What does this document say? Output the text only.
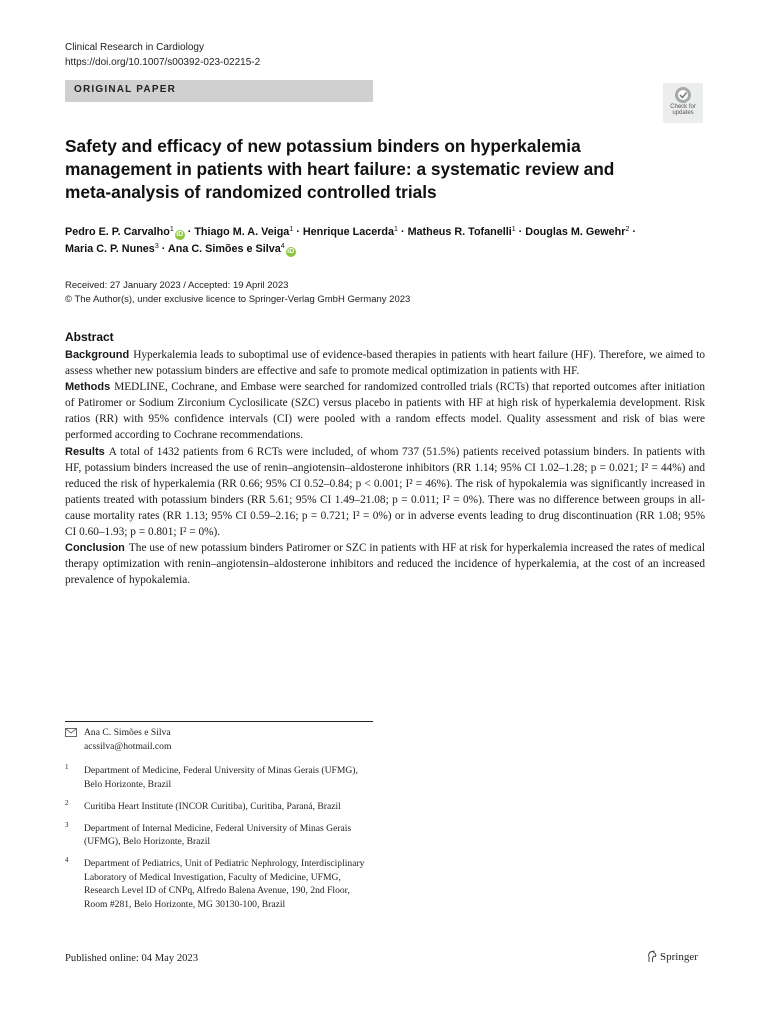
Clinical Research in Cardiology
https://doi.org/10.1007/s00392-023-02215-2
ORIGINAL PAPER
Check for
updates
Safety and efficacy of new potassium binders on hyperkalemia management in patients with heart failure: a systematic review and meta-analysis of randomized controlled trials
Pedro E. P. Carvalho$^1$iD · Thiago M. A. Veiga$^1$ · Henrique Lacerda$^1$ · Matheus R. Tofanelli$^1$ · Douglas M. Gewehr$^2$ ·
Maria C. P. Nunes$^3$ · Ana C. Simões e Silva$^4$iD
Received: 27 January 2023 / Accepted: 19 April 2023
© The Author(s), under exclusive licence to Springer-Verlag GmbH Germany 2023
Abstract

Background Hyperkalemia leads to suboptimal use of evidence-based therapies in patients with heart failure (HF). Therefore, we aimed to assess whether new potassium binders are effective and safe to promote medical optimization in patients with HF.

Methods MEDLINE, Cochrane, and Embase were searched for randomized controlled trials (RCTs) that reported outcomes after initiation of Patiromer or Sodium Zirconium Cyclosilicate (SZC) versus placebo in patients with HF at high risk of hyperkalemia development. Risk ratios (RR) with 95% confidence intervals (CI) were pooled with a random effects model. Quality assessment and risk of bias were performed according to Cochrane recommendations.

Results A total of 1432 patients from 6 RCTs were included, of whom 737 (51.5%) patients received potassium binders. In patients with HF, potassium binders increased the use of renin–angiotensin–aldosterone inhibitors (RR 1.14; 95% CI 1.02–1.28; p = 0.021; I² = 44%) and reduced the risk of hyperkalemia (RR 0.66; 95% CI 0.52–0.84; p < 0.001; I² = 46%). The risk of hypokalemia was significantly increased in patients treated with potassium binders (RR 5.61; 95% CI 1.49–21.08; p = 0.011; I² = 0%). There was no difference between groups in all-cause mortality rates (RR 1.13; 95% CI 0.59–2.16; p = 0.721; I² = 0%) or in adverse events leading to drug discontinuation (RR 1.08; 95% CI 0.60–1.93; p = 0.801; I² = 0%).

Conclusion The use of new potassium binders Patiromer or SZC in patients with HF at risk for hyperkalemia increased the rates of medical therapy optimization with renin–angiotensin–aldosterone inhibitors and reduced the incidence of hyperkalemia, at the cost of an increased prevalence of hypokalemia.

Ana C. Simões e Silva
acssilva@hotmail.com
1 Department of Medicine, Federal University of Minas Gerais (UFMG), Belo Horizonte, Brazil
2 Curitiba Heart Institute (INCOR Curitiba), Curitiba, Paraná, Brazil
3 Department of Internal Medicine, Federal University of Minas Gerais (UFMG), Belo Horizonte, Brazil
4 Department of Pediatrics, Unit of Pediatric Nephrology, Interdisciplinary Laboratory of Medical Investigation, Faculty of Medicine, UFMG, Research Level ID of CNPq, Alfredo Balena Avenue, 190, 2nd Floor, Room #281, Belo Horizonte, MG 30130-100, Brazil
Published online: 04 May 2023	Springer
